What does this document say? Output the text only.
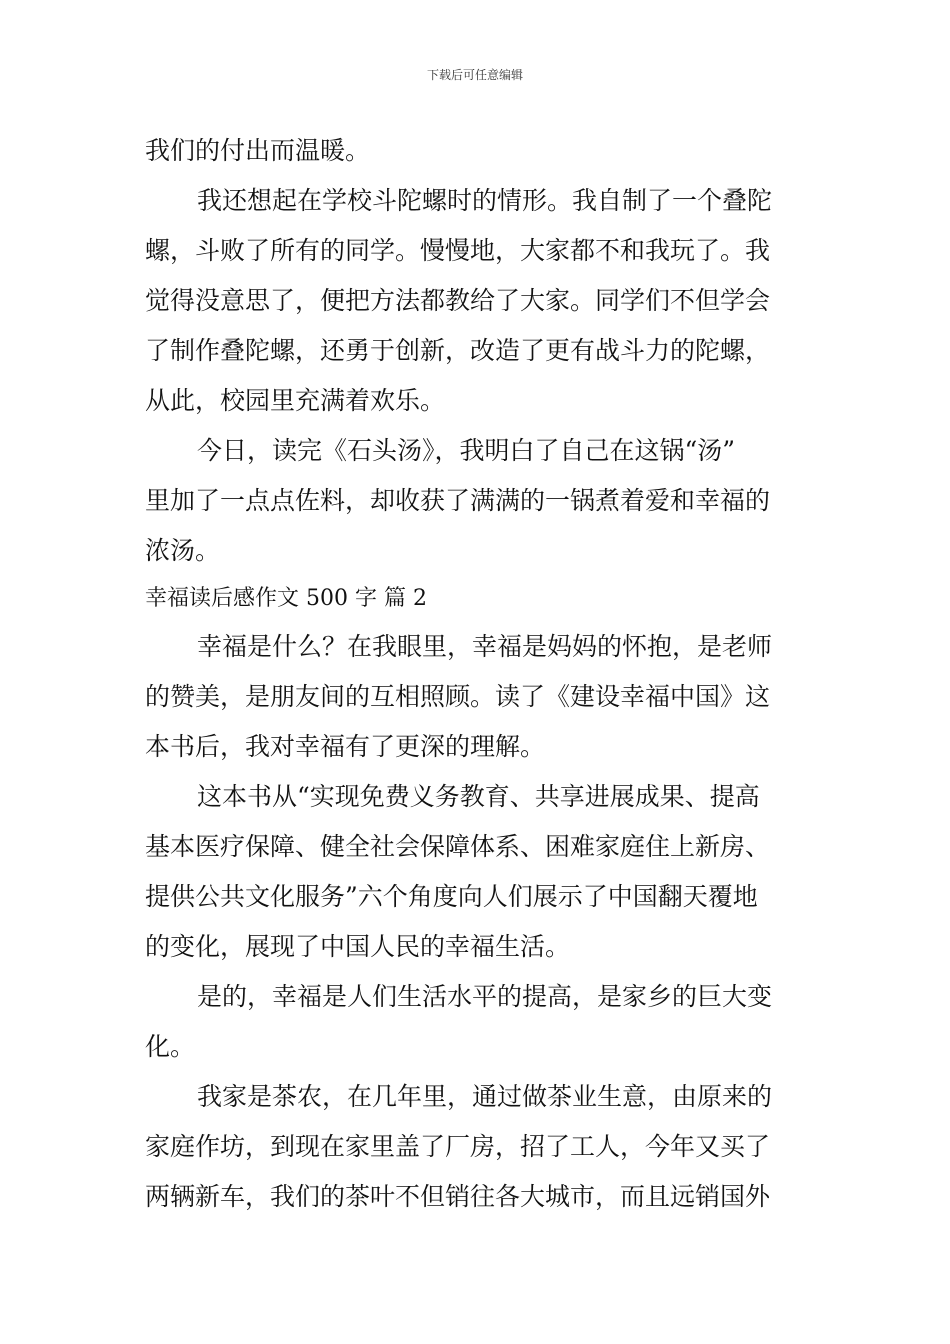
下载后可任意编辑
我们的付出而温暖。
我还想起在学校斗陀螺时的情形。我自制了一个叠陀
螺，斗败了所有的同学。慢慢地，大家都不和我玩了。我
觉得没意思了，便把方法都教给了大家。同学们不但学会
了制作叠陀螺，还勇于创新，改造了更有战斗力的陀螺，
从此，校园里充满着欢乐。
今日，读完《石头汤》，我明白了自己在这锅“汤”
里加了一点点佐料，却收获了满满的一锅煮着爱和幸福的
浓汤。
幸福读后感作文 500 字 篇 2
幸福是什么？在我眼里，幸福是妈妈的怀抱，是老师
的赞美，是朋友间的互相照顾。读了《建设幸福中国》这
本书后，我对幸福有了更深的理解。
这本书从“实现免费义务教育、共享进展成果、提高
基本医疗保障、健全社会保障体系、困难家庭住上新房、
提供公共文化服务”六个角度向人们展示了中国翻天覆地
的变化，展现了中国人民的幸福生活。
是的，幸福是人们生活水平的提高，是家乡的巨大变
化。
我家是茶农，在几年里，通过做茶业生意，由原来的
家庭作坊，到现在家里盖了厂房，招了工人，今年又买了
两辆新车，我们的茶叶不但销往各大城市，而且远销国外
